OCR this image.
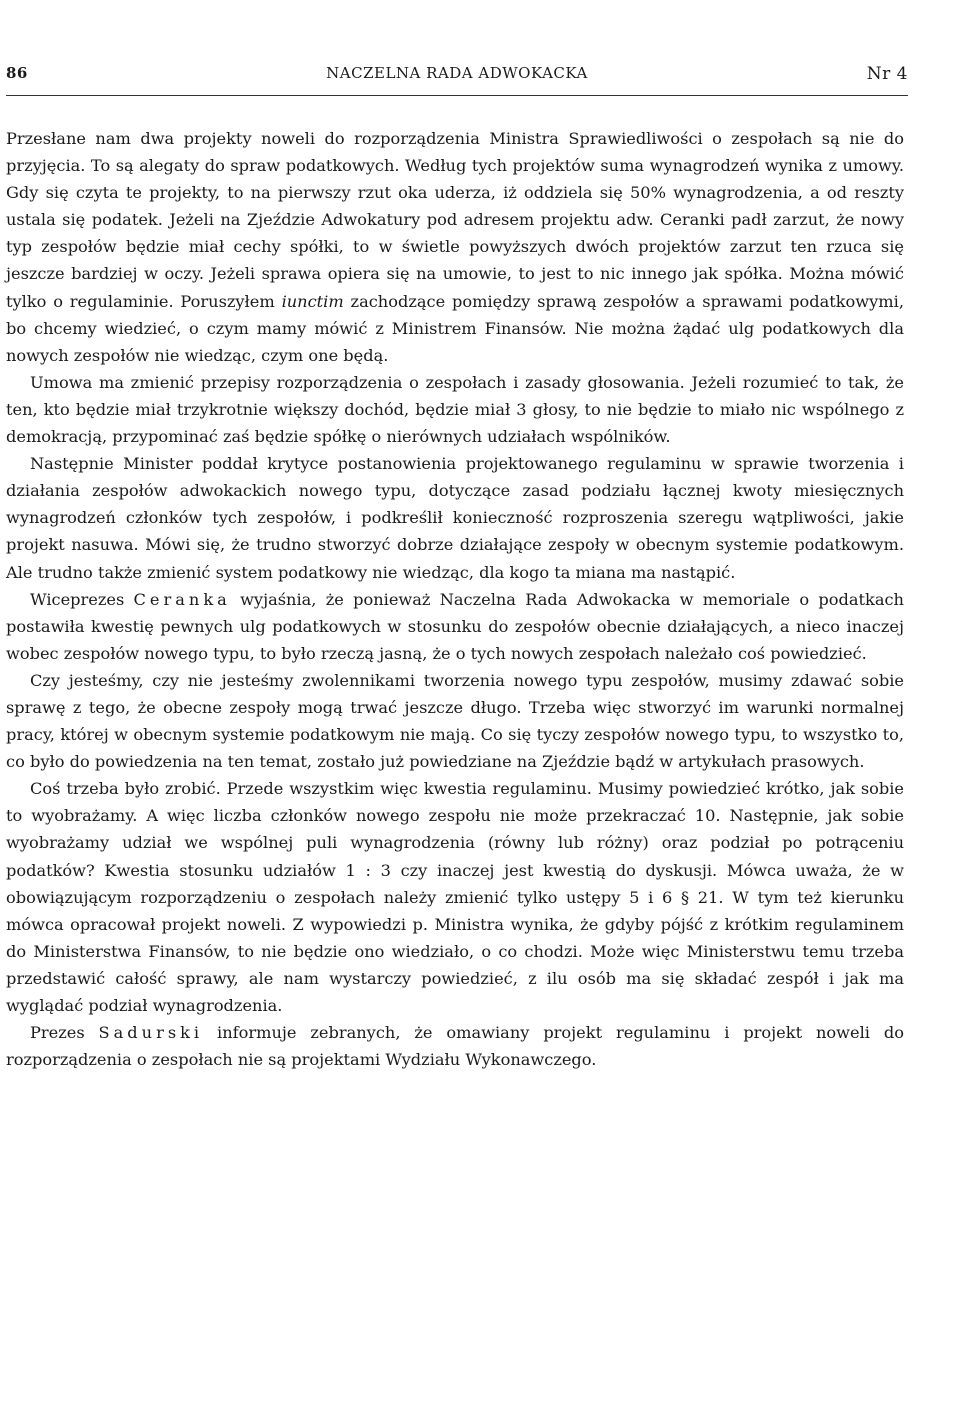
86	NACZELNA RADA ADWOKACKA	Nr 4

Przesłane nam dwa projekty noweli do rozporządzenia Ministra Sprawiedliwości o zespołach są nie do przyjęcia. To są alegaty do spraw podatkowych. Według tych projektów suma wynagrodzeń wynika z umowy. Gdy się czyta te projekty, to na pierwszy rzut oka uderza, iż oddziela się 50% wynagrodzenia, a od reszty ustala się podatek. Jeżeli na Zjeździe Adwokatury pod adresem projektu adw. Ceranki padł zarzut, że nowy typ zespołów będzie miał cechy spółki, to w świetle powyższych dwóch projektów zarzut ten rzuca się jeszcze bardziej w oczy. Jeżeli sprawa opiera się na umowie, to jest to nic innego jak spółka. Można mówić tylko o regulaminie. Poruszyłem iunctim zachodzące pomiędzy sprawą zespołów a sprawami podatkowymi, bo chcemy wiedzieć, o czym mamy mówić z Ministrem Finansów. Nie można żądać ulg podatkowych dla nowych zespołów nie wiedząc, czym one będą.

Umowa ma zmienić przepisy rozporządzenia o zespołach i zasady głosowania. Jeżeli rozumieć to tak, że ten, kto będzie miał trzykrotnie większy dochód, będzie miał 3 głosy, to nie będzie to miało nic wspólnego z demokracją, przypominać zaś będzie spółkę o nierównych udziałach wspólników.

Następnie Minister poddał krytyce postanowienia projektowanego regulaminu w sprawie tworzenia i działania zespołów adwokackich nowego typu, dotyczące zasad podziału łącznej kwoty miesięcznych wynagrodzeń członków tych zespołów, i podkreślił konieczność rozproszenia szeregu wątpliwości, jakie projekt nasuwa. Mówi się, że trudno stworzyć dobrze działające zespoły w obecnym systemie podatkowym. Ale trudno także zmienić system podatkowy nie wiedząc, dla kogo ta miana ma nastąpić.

Wiceprezes Ceranka wyjaśnia, że ponieważ Naczelna Rada Adwokacka w memoriale o podatkach postawiła kwestię pewnych ulg podatkowych w stosunku do zespołów obecnie działających, a nieco inaczej wobec zespołów nowego typu, to było rzeczą jasną, że o tych nowych zespołach należało coś powiedzieć.

Czy jesteśmy, czy nie jesteśmy zwolennikami tworzenia nowego typu zespołów, musimy zdawać sobie sprawę z tego, że obecne zespoły mogą trwać jeszcze długo. Trzeba więc stworzyć im warunki normalnej pracy, której w obecnym systemie podatkowym nie mają. Co się tyczy zespołów nowego typu, to wszystko to, co było do powiedzenia na ten temat, zostało już powiedziane na Zjeździe bądź w artykułach prasowych.

Coś trzeba było zrobić. Przede wszystkim więc kwestia regulaminu. Musimy powiedzieć krótko, jak sobie to wyobrażamy. A więc liczba członków nowego zespołu nie może przekraczać 10. Następnie, jak sobie wyobrażamy udział we wspólnej puli wynagrodzenia (równy lub różny) oraz podział po potrąceniu podatków? Kwestia stosunku udziałów 1 : 3 czy inaczej jest kwestią do dyskusji. Mówca uważa, że w obowiązującym rozporządzeniu o zespołach należy zmienić tylko ustępy 5 i 6 § 21. W tym też kierunku mówca opracował projekt noweli. Z wypowiedzi p. Ministra wynika, że gdyby pójść z krótkim regulaminem do Ministerstwa Finansów, to nie będzie ono wiedziało, o co chodzi. Może więc Ministerstwu temu trzeba przedstawić całość sprawy, ale nam wystarczy powiedzieć, z ilu osób ma się składać zespół i jak ma wyglądać podział wynagrodzenia.

Prezes Sadurski informuje zebranych, że omawiany projekt regulaminu i projekt noweli do rozporządzenia o zespołach nie są projektami Wydziału Wykonawczego.
